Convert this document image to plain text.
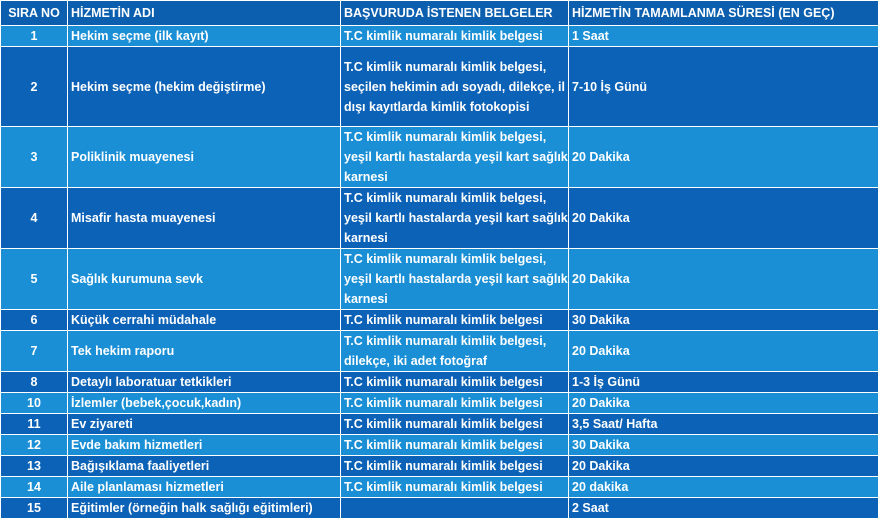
SIRA NO	HİZMETİN ADI	BAŞVURUDA İSTENEN BELGELER	HİZMETİN TAMAMLANMA SÜRESİ (EN GEÇ)
1	Hekim seçme (ilk kayıt)	T.C kimlik numaralı kimlik belgesi	1 Saat
2	Hekim seçme (hekim değiştirme)	T.C kimlik numaralı kimlik belgesi, seçilen hekimin adı soyadı, dilekçe, il dışı kayıtlarda kimlik fotokopisi	7-10 İş Günü
3	Poliklinik muayenesi	T.C kimlik numaralı kimlik belgesi, yeşil kartlı hastalarda yeşil kart sağlık karnesi	20 Dakika
4	Misafir hasta muayenesi	T.C kimlik numaralı kimlik belgesi, yeşil kartlı hastalarda yeşil kart sağlık karnesi	20 Dakika
5	Sağlık kurumuna sevk	T.C kimlik numaralı kimlik belgesi, yeşil kartlı hastalarda yeşil kart sağlık karnesi	20 Dakika
6	Küçük cerrahi müdahale	T.C kimlik numaralı kimlik belgesi	30 Dakika
7	Tek hekim raporu	T.C kimlik numaralı kimlik belgesi, dilekçe, iki adet fotoğraf	20 Dakika
8	Detaylı laboratuar tetkikleri	T.C kimlik numaralı kimlik belgesi	1-3 İş Günü
10	İzlemler (bebek,çocuk,kadın)	T.C kimlik numaralı kimlik belgesi	20 Dakika
11	Ev ziyareti	T.C kimlik numaralı kimlik belgesi	3,5 Saat/ Hafta
12	Evde bakım hizmetleri	T.C kimlik numaralı kimlik belgesi	30 Dakika
13	Bağışıklama faaliyetleri	T.C kimlik numaralı kimlik belgesi	20 Dakika
14	Aile planlaması hizmetleri	T.C kimlik numaralı kimlik belgesi	20 dakika
15	Eğitimler (örneğin halk sağlığı eğitimleri)		2 Saat
